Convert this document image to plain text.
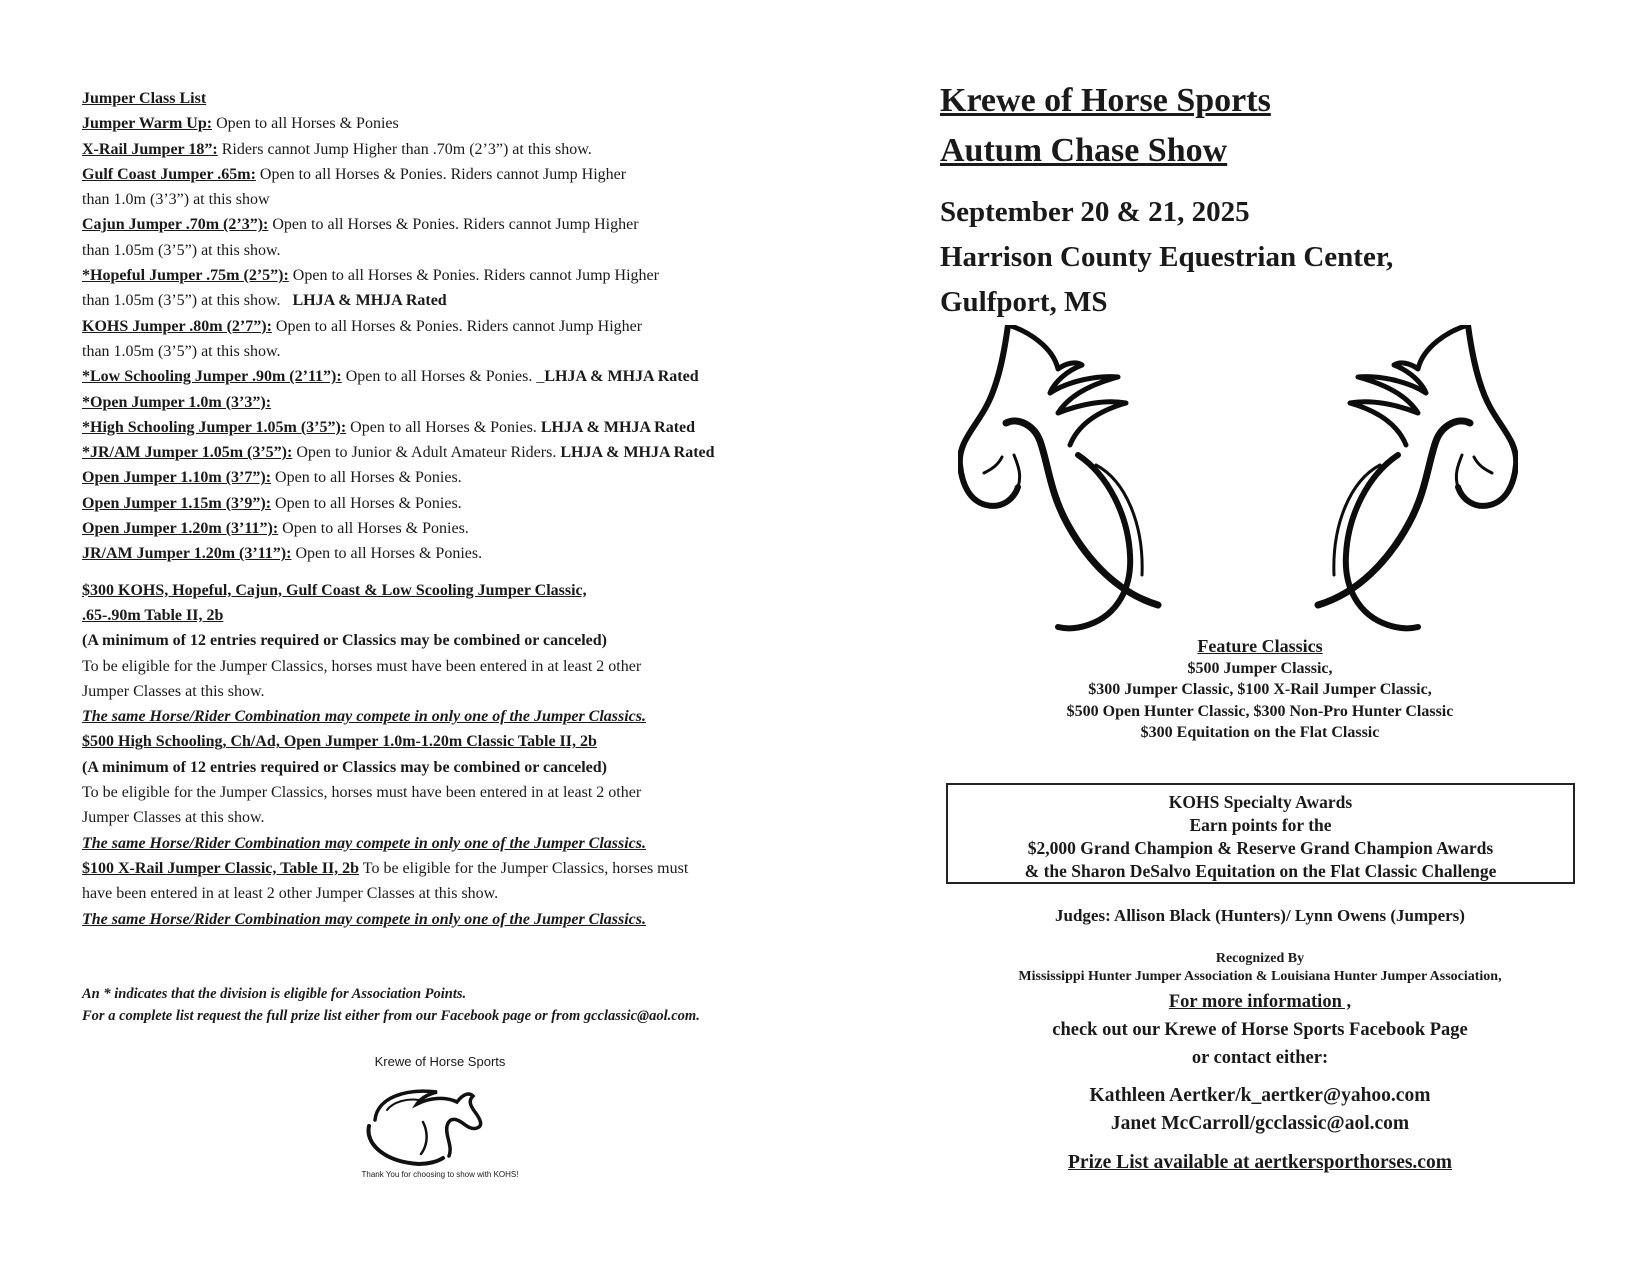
Jumper Class List
Jumper Warm Up: Open to all Horses & Ponies
X-Rail Jumper 18”: Riders cannot Jump Higher than .70m (2’3”) at this show.
Gulf Coast Jumper .65m: Open to all Horses & Ponies. Riders cannot Jump Higher
than 1.0m (3’3”) at this show
Cajun Jumper .70m (2’3”): Open to all Horses & Ponies. Riders cannot Jump Higher
than 1.05m (3’5”) at this show.
*Hopeful Jumper .75m (2’5”): Open to all Horses & Ponies. Riders cannot Jump Higher
than 1.05m (3’5”) at this show. LHJA & MHJA Rated
KOHS Jumper .80m (2’7”): Open to all Horses & Ponies. Riders cannot Jump Higher
than 1.05m (3’5”) at this show.
*Low Schooling Jumper .90m (2’11”): Open to all Horses & Ponies. _LHJA & MHJA Rated
*Open Jumper 1.0m (3’3”):
*High Schooling Jumper 1.05m (3’5”): Open to all Horses & Ponies. LHJA & MHJA Rated
*JR/AM Jumper 1.05m (3’5”): Open to Junior & Adult Amateur Riders. LHJA & MHJA Rated
Open Jumper 1.10m (3’7”): Open to all Horses & Ponies.
Open Jumper 1.15m (3’9”): Open to all Horses & Ponies.
Open Jumper 1.20m (3’11”): Open to all Horses & Ponies.
JR/AM Jumper 1.20m (3’11”): Open to all Horses & Ponies.
$300 KOHS, Hopeful, Cajun, Gulf Coast & Low Scooling Jumper Classic,
.65-.90m Table II, 2b
(A minimum of 12 entries required or Classics may be combined or canceled)
To be eligible for the Jumper Classics, horses must have been entered in at least 2 other
Jumper Classes at this show.
The same Horse/Rider Combination may compete in only one of the Jumper Classics.
$500 High Schooling, Ch/Ad, Open Jumper 1.0m-1.20m Classic Table II, 2b
(A minimum of 12 entries required or Classics may be combined or canceled)
To be eligible for the Jumper Classics, horses must have been entered in at least 2 other
Jumper Classes at this show.
The same Horse/Rider Combination may compete in only one of the Jumper Classics.
$100 X-Rail Jumper Classic, Table II, 2b To be eligible for the Jumper Classics, horses must
have been entered in at least 2 other Jumper Classes at this show.
The same Horse/Rider Combination may compete in only one of the Jumper Classics.
An * indicates that the division is eligible for Association Points.
For a complete list request the full prize list either from our Facebook page or from gcclassic@aol.com.
Krewe of Horse Sports
Thank You for choosing to show with KOHS!
Krewe of Horse Sports
Autum Chase Show
September 20 & 21, 2025
Harrison County Equestrian Center,
Gulfport, MS
Feature Classics
$500 Jumper Classic,
$300 Jumper Classic, $100 X-Rail Jumper Classic,
$500 Open Hunter Classic, $300 Non-Pro Hunter Classic
$300 Equitation on the Flat Classic
KOHS Specialty Awards
Earn points for the
$2,000 Grand Champion & Reserve Grand Champion Awards
& the Sharon DeSalvo Equitation on the Flat Classic Challenge
Judges: Allison Black (Hunters)/ Lynn Owens (Jumpers)
Recognized By
Mississippi Hunter Jumper Association & Louisiana Hunter Jumper Association,
For more information ,
check out our Krewe of Horse Sports Facebook Page
or contact either:
Kathleen Aertker/k_aertker@yahoo.com
Janet McCarroll/gcclassic@aol.com
Prize List available at aertkersporthorses.com
